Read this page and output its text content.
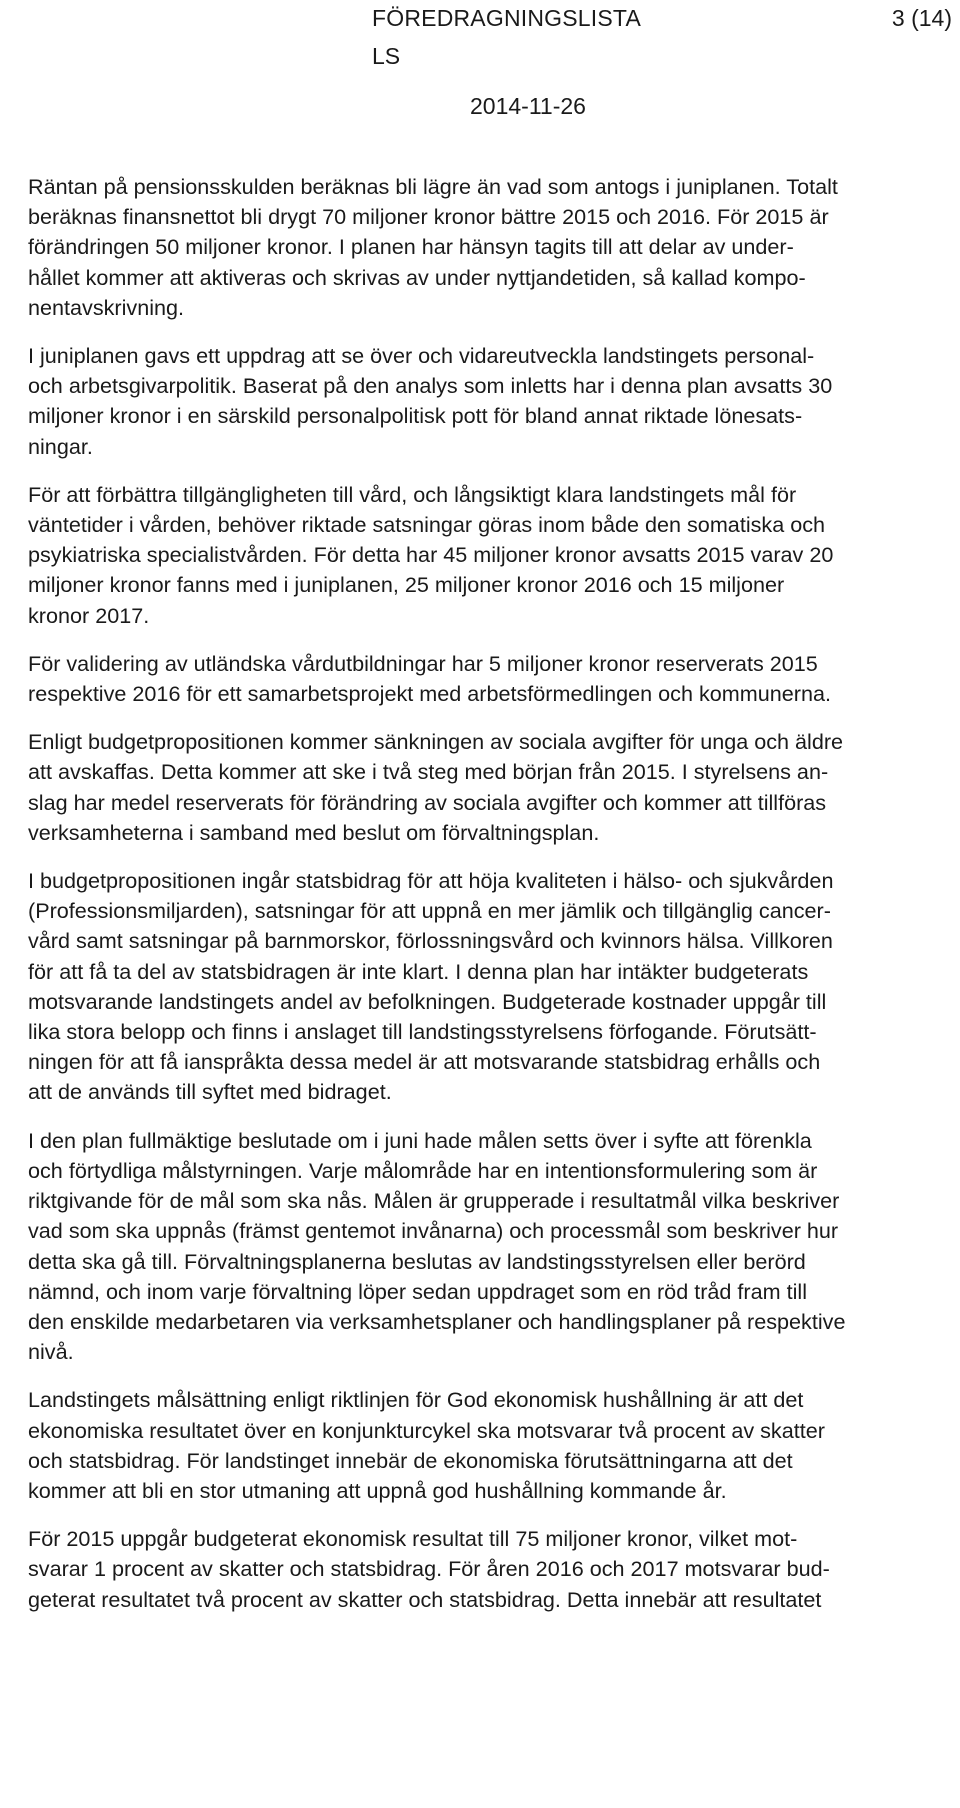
FÖREDRAGNINGSLISTA	3 (14)
LS
2014-11-26

Räntan på pensionsskulden beräknas bli lägre än vad som antogs i juniplanen. Totalt
beräknas finansnettot bli drygt 70 miljoner kronor bättre 2015 och 2016. För 2015 är
förändringen 50 miljoner kronor. I planen har hänsyn tagits till att delar av under-
hållet kommer att aktiveras och skrivas av under nyttjandetiden, så kallad kompo-
nentavskrivning.

I juniplanen gavs ett uppdrag att se över och vidareutveckla landstingets personal-
och arbetsgivarpolitik. Baserat på den analys som inletts har i denna plan avsatts 30
miljoner kronor i en särskild personalpolitisk pott för bland annat riktade lönesats-
ningar.

För att förbättra tillgängligheten till vård, och långsiktigt klara landstingets mål för
väntetider i vården, behöver riktade satsningar göras inom både den somatiska och
psykiatriska specialistvården. För detta har 45 miljoner kronor avsatts 2015 varav 20
miljoner kronor fanns med i juniplanen, 25 miljoner kronor 2016 och 15 miljoner
kronor 2017.

För validering av utländska vårdutbildningar har 5 miljoner kronor reserverats 2015
respektive 2016 för ett samarbetsprojekt med arbetsförmedlingen och kommunerna.

Enligt budgetpropositionen kommer sänkningen av sociala avgifter för unga och äldre
att avskaffas. Detta kommer att ske i två steg med början från 2015. I styrelsens an-
slag har medel reserverats för förändring av sociala avgifter och kommer att tillföras
verksamheterna i samband med beslut om förvaltningsplan.

I budgetpropositionen ingår statsbidrag för att höja kvaliteten i hälso- och sjukvården
(Professionsmiljarden), satsningar för att uppnå en mer jämlik och tillgänglig cancer-
vård samt satsningar på barnmorskor, förlossningsvård och kvinnors hälsa. Villkoren
för att få ta del av statsbidragen är inte klart. I denna plan har intäkter budgeterats
motsvarande landstingets andel av befolkningen. Budgeterade kostnader uppgår till
lika stora belopp och finns i anslaget till landstingsstyrelsens förfogande. Förutsätt-
ningen för att få ianspråkta dessa medel är att motsvarande statsbidrag erhålls och
att de används till syftet med bidraget.

I den plan fullmäktige beslutade om i juni hade målen setts över i syfte att förenkla
och förtydliga målstyrningen. Varje målområde har en intentionsformulering som är
riktgivande för de mål som ska nås. Målen är grupperade i resultatmål vilka beskriver
vad som ska uppnås (främst gentemot invånarna) och processmål som beskriver hur
detta ska gå till. Förvaltningsplanerna beslutas av landstingsstyrelsen eller berörd
nämnd, och inom varje förvaltning löper sedan uppdraget som en röd tråd fram till
den enskilde medarbetaren via verksamhetsplaner och handlingsplaner på respektive
nivå.

Landstingets målsättning enligt riktlinjen för God ekonomisk hushållning är att det
ekonomiska resultatet över en konjunkturcykel ska motsvarar två procent av skatter
och statsbidrag. För landstinget innebär de ekonomiska förutsättningarna att det
kommer att bli en stor utmaning att uppnå god hushållning kommande år.

För 2015 uppgår budgeterat ekonomisk resultat till 75 miljoner kronor, vilket mot-
svarar 1 procent av skatter och statsbidrag. För åren 2016 och 2017 motsvarar bud-
geterat resultatet två procent av skatter och statsbidrag. Detta innebär att resultatet
